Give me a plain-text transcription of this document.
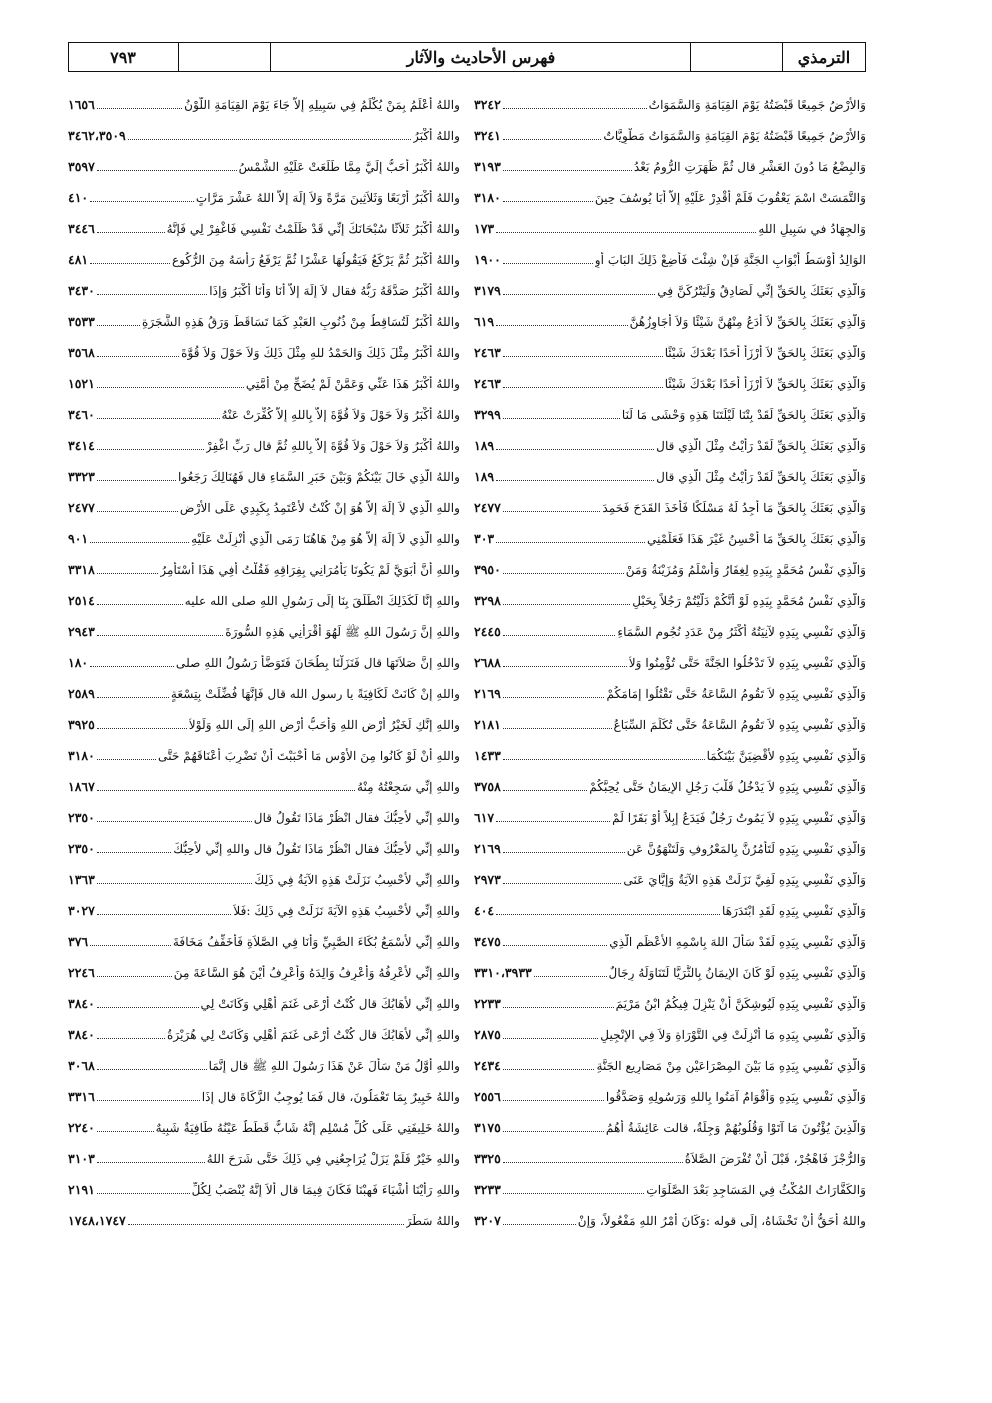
الترمذي
فهرس الأحاديث والآثار
٧٩٣
وَالأَرْضُ جَمِيعًا قَبْضَتُهُ يَوْمَ القِيَامَةِ وَالسَّمَوَاتُ
٣٢٤٢
وَالأَرْضُ جَمِيعًا قَبْضَتُهُ يَوْمَ القِيَامَةِ وَالسَّمَوَاتُ مَطْوِيَّاتٌ
٣٢٤١
وَالبِضْعُ مَا دُونَ العَشْرِ قال ثُمَّ ظَهَرَتِ الرُّومُ بَعْدُ
٣١٩٣
وَالتَّمَسَتْ اسْمَ يَعْقُوبَ فَلَمْ أَقْدِرْ عَلَيْهِ إِلاَّ أَبَا يُوسُفَ حِينَ
٣١٨٠
وَالجِهَادُ في سَبِيلِ اللهِ
١٧٣
الوَالِدُ أَوْسَطُ أَبْوَابِ الجَنَّةِ فَإِنْ شِئْتَ فَأَضِعْ ذَلِكَ البَابَ أَوِ
١٩٠٠
وَالَّذِي بَعَثَكَ بِالحَقِّ إِنِّي لَصَادِقٌ وَلَيَتْرُكَنَّ فِي
٣١٧٩
وَالَّذِي بَعَثَكَ بِالحَقِّ لاَ أَدَعُ مِنْهُنَّ شَيْئًا وَلاَ أُجَاوِزُهُنَّ
٦١٩
وَالَّذِي بَعَثَكَ بِالحَقِّ لاَ أَرْزَأُ أَحَدًا بَعْدَكَ شَيْئًا
٢٤٦٣
وَالَّذِي بَعَثَكَ بِالحَقِّ لاَ أَرْزَأُ أَحَدًا بَعْدَكَ شَيْئًا
٢٤٦٣
وَالَّذِي بَعَثَكَ بِالحَقِّ لَقَدْ بِتْنَا لَيْلَتَنَا هَذِهِ وَحْشَى مَا لَنَا
٣٢٩٩
وَالَّذِي بَعَثَكَ بِالحَقِّ لَقَدْ رَأَيْتُ مِثْلَ الَّذِي قال
١٨٩
وَالَّذِي بَعَثَكَ بِالحَقِّ لَقَدْ رَأَيْتُ مِثْلَ الَّذِي قال
١٨٩
وَالَّذِي بَعَثَكَ بِالحَقِّ مَا أَجِدُ لَهُ مَسْلَكًا فَأَخَذَ القَدَحَ فَحَمِدَ
٢٤٧٧
وَالَّذِي بَعَثَكَ بِالحَقِّ مَا أُحْسِنُ غَيْرَ هَذَا فَعَلِّمْنِي
٣٠٣
وَالَّذِي نَفْسُ مُحَمَّدٍ بِيَدِهِ لِغِفَارُ وَأَسْلَمُ وَمُزَيْنَةُ وَمَنْ
٣٩٥٠
وَالَّذِي نَفْسُ مُحَمَّدٍ بِيَدِهِ لَوْ أَنَّكُمْ دَلَّيْتُمْ رَجُلاً بِحَبْلٍ
٣٢٩٨
وَالَّذِي نَفْسِي بِيَدِهِ لآنِيَتُهُ أَكْثَرُ مِنْ عَدَدِ نُجُومِ السَّمَاءِ
٢٤٤٥
وَالَّذِي نَفْسِي بِيَدِهِ لاَ تَدْخُلُوا الجَنَّةَ حَتَّى تُؤْمِنُوا وَلاَ
٢٦٨٨
وَالَّذِي نَفْسِي بِيَدِهِ لاَ تَقُومُ السَّاعَةُ حَتَّى تَقْتُلُوا إِمَامَكُمْ
٢١٦٩
وَالَّذِي نَفْسِي بِيَدِهِ لاَ تَقُومُ السَّاعَةُ حَتَّى تُكَلِّمَ السِّبَاعُ
٢١٨١
وَالَّذِي نَفْسِي بِيَدِهِ لأَقْضِيَنَّ بَيْنَكُمَا
١٤٣٣
وَالَّذِي نَفْسِي بِيَدِهِ لاَ يَدْخُلُ قَلْبَ رَجُلٍ الإِيمَانُ حَتَّى يُحِبَّكُمْ
٣٧٥٨
وَالَّذِي نَفْسِي بِيَدِهِ لاَ يَمُوتُ رَجُلٌ فَيَدَعُ إِبِلاً أَوْ بَقَرًا لَمْ
٦١٧
وَالَّذِي نَفْسِي بِيَدِهِ لَتَأْمُرُنَّ بِالمَعْرُوفِ وَلَتَنْهَوُنَّ عَنِ
٢١٦٩
وَالَّذِي نَفْسِي بِيَدِهِ لَفِيَّ نَزَلَتْ هَذِهِ الآيَةُ وَإِيَّايَ عَنَى
٢٩٧٣
وَالَّذِي نَفْسِي بِيَدِهِ لَقَدِ ابْتَدَرَهَا
٤٠٤
وَالَّذِي نَفْسِي بِيَدِهِ لَقَدْ سَأَلَ اللهَ بِاسْمِهِ الأَعْظَمِ الَّذِي
٣٤٧٥
وَالَّذِي نَفْسِي بِيَدِهِ لَوْ كَانَ الإِيمَانُ بِالثُّرَيَّا لَتَنَاوَلَهُ رِجَالٌ
٣٣١٠،٣٩٣٣
وَالَّذِي نَفْسِي بِيَدِهِ لَيُوشِكَنَّ أَنْ يَنْزِلَ فِيكُمُ ابْنُ مَرْيَمَ
٢٢٣٣
وَالَّذِي نَفْسِي بِيَدِهِ مَا أُنْزِلَتْ فِي التَّوْرَاةِ وَلاَ فِي الإِنْجِيلِ
٢٨٧٥
وَالَّذِي نَفْسِي بِيَدِهِ مَا بَيْنَ المِصْرَاعَيْنِ مِنْ مَصَارِيعِ الجَنَّةِ
٢٤٣٤
وَالَّذِي نَفْسِي بِيَدِهِ وَأَقْوَامٌ آمَنُوا بِاللهِ وَرَسُولِهِ وَصَدَّقُوا
٢٥٥٦
وَالَّذِينَ يُؤْتُونَ مَا آتَوْا وَقُلُوبُهُمْ وَجِلَةٌ، قالت عَائِشَةُ أَهُمُ
٣١٧٥
وَالرُّجْزَ فَاهْجُرْ، قَبْلَ أَنْ تُفْرَضَ الصَّلاَةُ
٣٣٢٥
وَالكَفَّارَاتُ المُكْثُ فِي المَسَاجِدِ بَعْدَ الصَّلَوَاتِ
٣٢٣٣
واللهُ أَحَقُّ أَنْ تَخْشَاهُ، إِلَى قوله :وَكَانَ أَمْرُ اللهِ مَفْعُولاً، وَإِنْ
٣٢٠٧
واللهُ أَعْلَمُ بِمَنْ يُكْلَمُ فِي سَبِيلِهِ إِلاَّ جَاءَ يَوْمَ القِيَامَةِ اللَّوْنُ
١٦٥٦
واللهُ أَكْبَرُ
٣٤٦٢،٣٥٠٩
واللهُ أَكْبَرُ أَحَبُّ إِلَيَّ مِمَّا طَلَعَتْ عَلَيْهِ الشَّمْسُ
٣٥٩٧
واللهُ أَكْبَرُ أَرْبَعًا وَثَلاَثِينَ مَرَّةً وَلاَ إِلَهَ إِلاَّ اللهُ عَشْرَ مَرَّاتٍ
٤١٠
واللهُ أَكْبَرُ ثَلاَثًا سُبْحَانَكَ إِنِّي قَدْ ظَلَمْتُ نَفْسِي فَاغْفِرْ لِي فَإِنَّهُ
٣٤٤٦
واللهُ أَكْبَرُ ثُمَّ يَرْكَعُ فَيَقُولُهَا عَشْرًا ثُمَّ يَرْفَعُ رَأْسَهُ مِنَ الرُّكُوعِ
٤٨١
واللهُ أَكْبَرُ صَدَّقَهُ رَبُّهُ فقال لاَ إِلَهَ إِلاَّ أَنَا وَأَنَا أَكْبَرُ وَإِذَا
٣٤٣٠
واللهُ أَكْبَرُ لَتُسَاقِطُ مِنْ ذُنُوبِ العَبْدِ كَمَا تَسَاقَطَ وَرَقُ هَذِهِ الشَّجَرَةِ
٣٥٣٣
واللهُ أَكْبَرُ مِثْلَ ذَلِكَ وَالحَمْدُ للهِ مِثْلَ ذَلِكَ وَلاَ حَوْلَ وَلاَ قُوَّةَ
٣٥٦٨
واللهُ أَكْبَرُ هَذَا عَنِّي وَعَمَّنْ لَمْ يُضَحِّ مِنْ أُمَّتِي
١٥٢١
واللهُ أَكْبَرُ وَلاَ حَوْلَ وَلاَ قُوَّةَ إِلاَّ بِاللهِ إِلاَّ كُفِّرَتْ عَنْهُ
٣٤٦٠
واللهُ أَكْبَرُ وَلاَ حَوْلَ وَلاَ قُوَّةَ إِلاَّ بِاللهِ ثُمَّ قال رَبِّ اغْفِرْ
٣٤١٤
واللهُ الَّذِي خَالَ بَيْنَكُمْ وَبَيْنَ خَبَرِ السَّمَاءِ قال فَهُنَالِكَ رَجَعُوا
٣٣٢٣
واللهِ الَّذِي لاَ إِلَهَ إِلاَّ هُوَ إِنْ كُنْتُ لأَعْتَمِدُ بِكَبِدِي عَلَى الأَرْضِ
٢٤٧٧
واللهِ الَّذِي لاَ إِلَهَ إِلاَّ هُوَ مِنْ هَاهُنَا رَمَى الَّذِي أُنْزِلَتْ عَلَيْهِ
٩٠١
واللهِ أَنَّ أَبَوَيَّ لَمْ يَكُونَا يَأْمُرَانِي بِفِرَاقِهِ فَقُلْتُ أَفِي هَذَا أَسْتَأْمِرُ
٣٣١٨
واللهِ إِنَّا لَكَذَلِكَ انْطَلَقَ بِنَا إِلَى رَسُولِ اللهِ صلى الله عليه
٢٥١٤
واللهِ إِنَّ رَسُولَ اللهِ ﷺ لَهُوَ أَقْرَأَنِي هَذِهِ السُّورَةَ
٢٩٤٣
واللهِ إِنَّ صَلاَتَهَا قال فَنَزَلْنَا بِطُحَانَ فَتَوَضَّأَ رَسُولُ اللهِ صلى
١٨٠
واللهِ إِنْ كَانَتْ لَكَافِيَةً يا رسول الله قال فَإِنَّهَا فُضِّلَتْ بِتِسْعَةٍ
٢٥٨٩
واللهِ إِنَّكِ لَخَيْرُ أَرْضِ اللهِ وَأَحَبُّ أَرْضِ اللهِ إِلَى اللهِ وَلَوْلاَ
٣٩٢٥
واللهِ أَنْ لَوْ كَانُوا مِنَ الأَوْسِ مَا أَحْبَبْتَ أَنْ تَضْرِبَ أَعْنَاقَهُمْ حَتَّى
٣١٨٠
واللهِ إِنِّي سَجِعْتُهُ مِنْهُ
١٨٦٧
واللهِ إِنِّي لأُحِبُّكَ فقال انْظُرْ مَاذَا تَقُولُ قال
٢٣٥٠
واللهِ إِنِّي لأُحِبُّكَ فقال انْظُرْ مَاذَا تَقُولُ قال واللهِ إِنِّي لأُحِبُّكَ
٢٣٥٠
واللهِ إِنِّي لأَحْسِبُ نَزَلَتْ هَذِهِ الآيَةُ فِي ذَلِكَ
١٣٦٣
واللهِ إِنِّي لأَحْسِبُ هَذِهِ الآيَةَ نَزَلَتْ فِي ذَلِكَ :فَلاَ
٣٠٢٧
واللهِ إِنِّي لأَسْمَعُ بُكَاءَ الصَّبِيِّ وَأَنَا فِي الصَّلاَةِ فَأُخَفِّفُ مَخَافَةَ
٣٧٦
واللهِ إِنِّي لأَعْرِفُهُ وَأَعْرِفُ وَالِدَهُ وَأَعْرِفُ أَيْنَ هُوَ السَّاعَةَ مِنَ
٢٢٤٦
واللهِ إِنِّي لأَهَابُكَ قال كُنْتُ أَرْعَى غَنَمَ أَهْلِي وَكَانَتْ لِي
٣٨٤٠
واللهِ إِنِّي لأَهَابُكَ قال كُنْتُ أَرْعَى غَنَمَ أَهْلِي وَكَانَتْ لِي هُرَيْرَةُ
٣٨٤٠
واللهِ أَوَّلُ مَنْ سَأَلَ عَنْ هَذَا رَسُولَ اللهِ ﷺ قال إِنَّمَا
٣٠٦٨
واللهُ خَبِيرٌ بِمَا تَعْمَلُونَ، قال فَمَا يُوجِبُ الزَّكَاةَ قال إِذَا
٣٣١٦
واللهُ خَلِيفَتِي عَلَى كُلِّ مُسْلِمٍ إِنَّهُ شَابٌّ قَطَطٌ عَيْنُهُ طَافِيَةٌ شَبِيهٌ
٢٢٤٠
واللهِ خَيْرٌ فَلَمْ يَزَلْ يُرَاجِعُنِي فِي ذَلِكَ حَتَّى شَرَحَ اللهُ
٣١٠٣
واللهِ رَأَيْنَا أَشْيَاءَ فَهِبْنَا فَكَانَ فِيمَا قال أَلاَ إِنَّهُ يُنْصَبُ لِكُلِّ
٢١٩١
واللهُ سَطَرَ
١٧٤٨،١٧٤٧
